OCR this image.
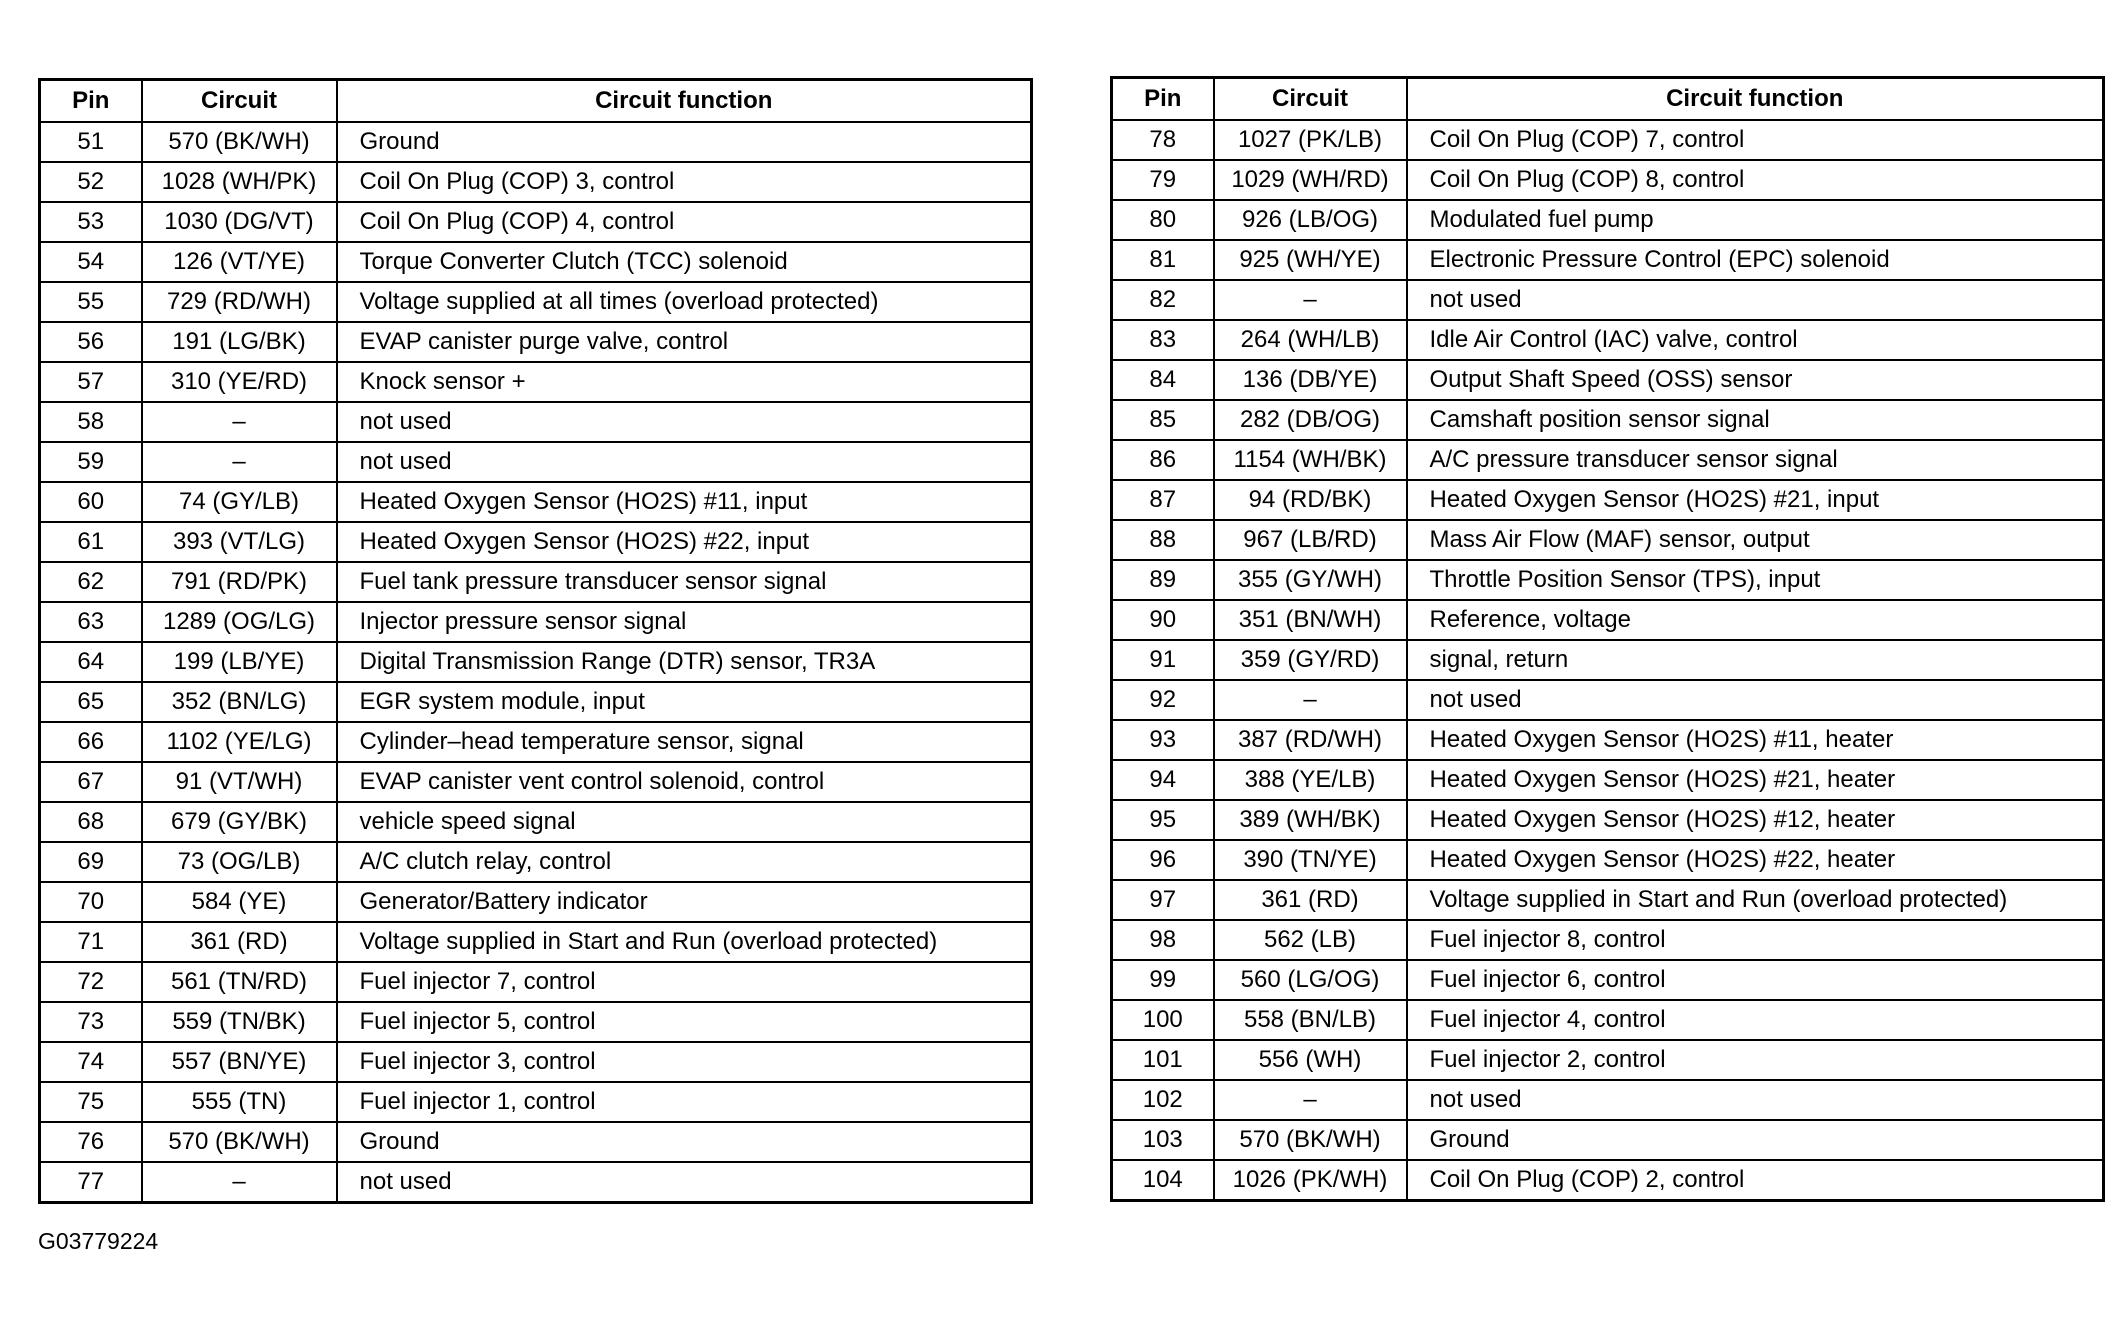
Pin	Circuit	Circuit function
51	570 (BK/WH)	Ground
52	1028 (WH/PK)	Coil On Plug (COP) 3, control
53	1030 (DG/VT)	Coil On Plug (COP) 4, control
54	126 (VT/YE)	Torque Converter Clutch (TCC) solenoid
55	729 (RD/WH)	Voltage supplied at all times (overload protected)
56	191 (LG/BK)	EVAP canister purge valve, control
57	310 (YE/RD)	Knock sensor +
58	–	not used
59	–	not used
60	74 (GY/LB)	Heated Oxygen Sensor (HO2S) #11, input
61	393 (VT/LG)	Heated Oxygen Sensor (HO2S) #22, input
62	791 (RD/PK)	Fuel tank pressure transducer sensor signal
63	1289 (OG/LG)	Injector pressure sensor signal
64	199 (LB/YE)	Digital Transmission Range (DTR) sensor, TR3A
65	352 (BN/LG)	EGR system module, input
66	1102 (YE/LG)	Cylinder–head temperature sensor, signal
67	91 (VT/WH)	EVAP canister vent control solenoid, control
68	679 (GY/BK)	vehicle speed signal
69	73 (OG/LB)	A/C clutch relay, control
70	584 (YE)	Generator/Battery indicator
71	361 (RD)	Voltage supplied in Start and Run (overload protected)
72	561 (TN/RD)	Fuel injector 7, control
73	559 (TN/BK)	Fuel injector 5, control
74	557 (BN/YE)	Fuel injector 3, control
75	555 (TN)	Fuel injector 1, control
76	570 (BK/WH)	Ground
77	–	not used
Pin	Circuit	Circuit function
78	1027 (PK/LB)	Coil On Plug (COP) 7, control
79	1029 (WH/RD)	Coil On Plug (COP) 8, control
80	926 (LB/OG)	Modulated fuel pump
81	925 (WH/YE)	Electronic Pressure Control (EPC) solenoid
82	–	not used
83	264 (WH/LB)	Idle Air Control (IAC) valve, control
84	136 (DB/YE)	Output Shaft Speed (OSS) sensor
85	282 (DB/OG)	Camshaft position sensor signal
86	1154 (WH/BK)	A/C pressure transducer sensor signal
87	94 (RD/BK)	Heated Oxygen Sensor (HO2S) #21, input
88	967 (LB/RD)	Mass Air Flow (MAF) sensor, output
89	355 (GY/WH)	Throttle Position Sensor (TPS), input
90	351 (BN/WH)	Reference, voltage
91	359 (GY/RD)	signal, return
92	–	not used
93	387 (RD/WH)	Heated Oxygen Sensor (HO2S) #11, heater
94	388 (YE/LB)	Heated Oxygen Sensor (HO2S) #21, heater
95	389 (WH/BK)	Heated Oxygen Sensor (HO2S) #12, heater
96	390 (TN/YE)	Heated Oxygen Sensor (HO2S) #22, heater
97	361 (RD)	Voltage supplied in Start and Run (overload protected)
98	562 (LB)	Fuel injector 8, control
99	560 (LG/OG)	Fuel injector 6, control
100	558 (BN/LB)	Fuel injector 4, control
101	556 (WH)	Fuel injector 2, control
102	–	not used
103	570 (BK/WH)	Ground
104	1026 (PK/WH)	Coil On Plug (COP) 2, control
G03779224
